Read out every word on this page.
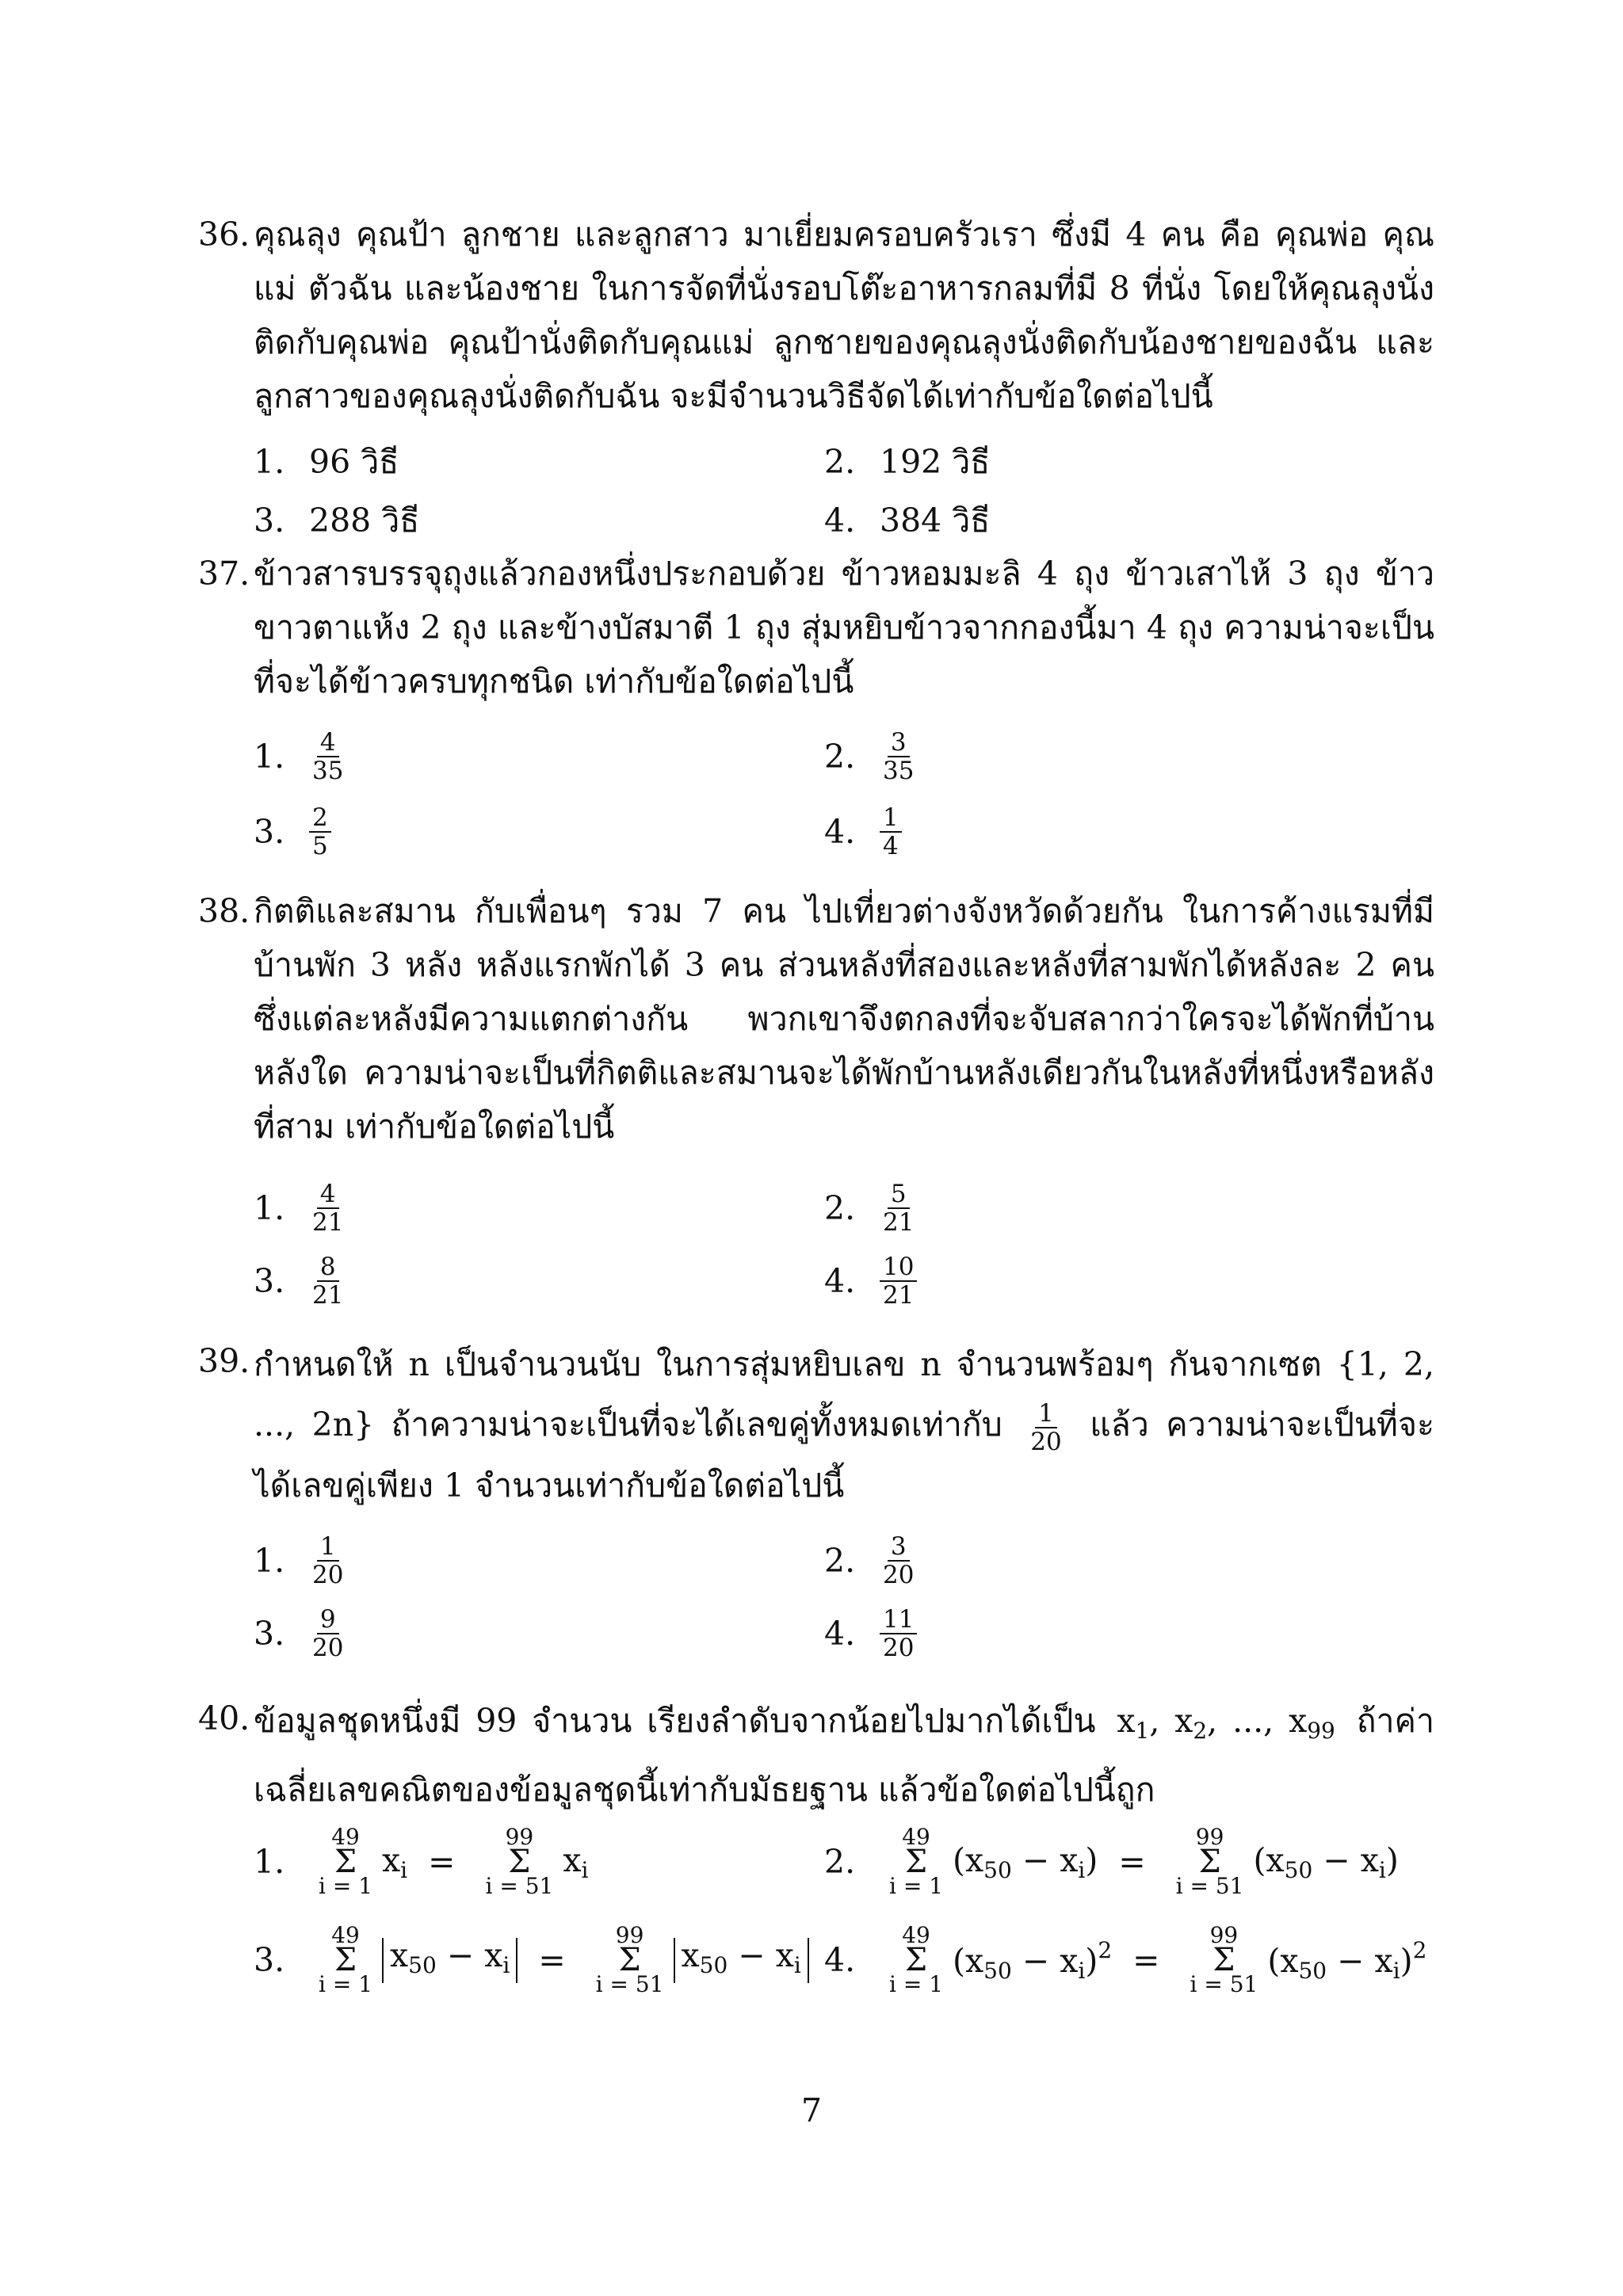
36. คุณลุง คุณป้า ลูกชาย และลูกสาว มาเยี่ยมครอบครัวเรา ซึ่งมี 4 คน คือ คุณพ่อ คุณแม่ ตัวฉัน และน้องชาย ในการจัดที่นั่งรอบโต๊ะอาหารกลมที่มี 8 ที่นั่ง โดยให้คุณลุงนั่งติดกับคุณพ่อ คุณป้านั่งติดกับคุณแม่ ลูกชายของคุณลุงนั่งติดกับน้องชายของฉัน และลูกสาวของคุณลุงนั่งติดกับฉัน จะมีจำนวนวิธีจัดได้เท่ากับข้อใดต่อไปนี้
1. 96 วิธี	2. 192 วิธี
3. 288 วิธี	4. 384 วิธี
37. ข้าวสารบรรจุถุงแล้วกองหนึ่งประกอบด้วย ข้าวหอมมะลิ 4 ถุง ข้าวเสาไห้ 3 ถุง ข้าวขาวตาแห้ง 2 ถุง และข้างบัสมาตี 1 ถุง สุ่มหยิบข้าวจากกองนี้มา 4 ถุง ความน่าจะเป็นที่จะได้ข้าวครบทุกชนิด เท่ากับข้อใดต่อไปนี้
1. $\frac{4}{35}$	2. $\frac{3}{35}$
3. $\frac{2}{5}$	4. $\frac{1}{4}$
38. กิตติและสมาน กับเพื่อนๆ รวม 7 คน ไปเที่ยวต่างจังหวัดด้วยกัน ในการค้างแรมที่มีบ้านพัก 3 หลัง หลังแรกพักได้ 3 คน ส่วนหลังที่สองและหลังที่สามพักได้หลังละ 2 คน ซึ่งแต่ละหลังมีความแตกต่างกัน พวกเขาจึงตกลงที่จะจับสลากว่าใครจะได้พักที่บ้านหลังใด ความน่าจะเป็นที่กิตติและสมานจะได้พักบ้านหลังเดียวกันในหลังที่หนึ่งหรือหลังที่สาม เท่ากับข้อใดต่อไปนี้
1. $\frac{4}{21}$	2. $\frac{5}{21}$
3. $\frac{8}{21}$	4. $\frac{10}{21}$
39. กำหนดให้ n เป็นจำนวนนับ ในการสุ่มหยิบเลข n จำนวนพร้อมๆ กันจากเซต {1, 2, ..., 2n} ถ้าความน่าจะเป็นที่จะได้เลขคู่ทั้งหมดเท่ากับ $\frac{1}{20}$ แล้ว ความน่าจะเป็นที่จะได้เลขคู่เพียง 1 จำนวนเท่ากับข้อใดต่อไปนี้
1. $\frac{1}{20}$	2. $\frac{3}{20}$
3. $\frac{9}{20}$	4. $\frac{11}{20}$
40. ข้อมูลชุดหนึ่งมี 99 จำนวน เรียงลำดับจากน้อยไปมากได้เป็น $x_1$, $x_2$, ..., $x_{99}$ ถ้าค่าเฉลี่ยเลขคณิตของข้อมูลชุดนี้เท่ากับมัธยฐาน แล้วข้อใดต่อไปนี้ถูก
1.
49
Σ
i = 1
$x_i$ =
99
Σ
i = 51
$x_i$	2.
49
Σ
i = 1
$(x_{50} - x_i)$ =
99
Σ
i = 51
$(x_{50} - x_i)$
3.
49
Σ
i = 1
$x_{50} - x_i$ =
99
Σ
i = 51
$x_{50} - x_i$ 4.
49
Σ
i = 1
$(x_{50} - x_i)^2$ =
99
Σ
i = 51
$(x_{50} - x_i)^2$
7
